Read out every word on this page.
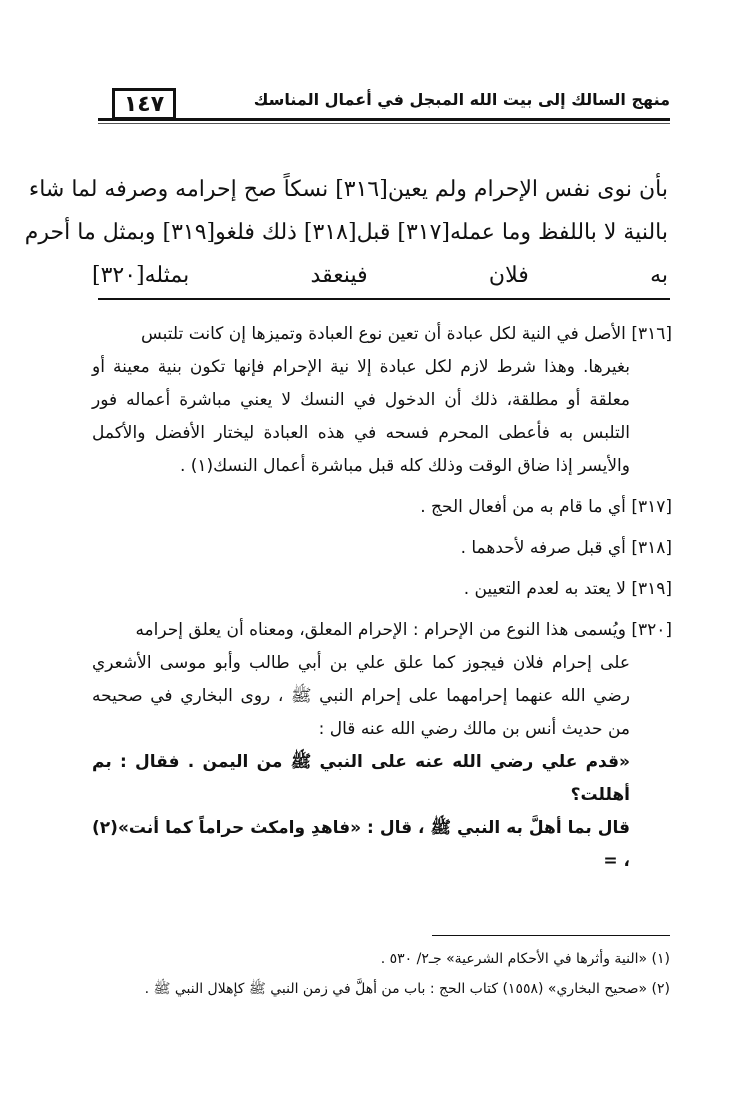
١٤٧	منهج السالك إلى بيت الله المبجل في أعمال المناسك
بأن نوى نفس الإحرام ولم يعين[٣١٦] نسكاً صح إحرامه وصرفه لما شاء
بالنية لا باللفظ وما عمله[٣١٧] قبل[٣١٨] ذلك فلغو[٣١٩] وبمثل ما أحرم
به فلان فينعقد بمثله[٣٢٠]

[٣١٦] الأصل في النية لكل عبادة أن تعين نوع العبادة وتميزها إن كانت تلتبس

بغيرها. وهذا شرط لازم لكل عبادة إلا نية الإحرام فإنها تكون بنية معينة أو معلقة أو مطلقة، ذلك أن الدخول في النسك لا يعني مباشرة أعماله فور التلبس به فأعطى المحرم فسحه في هذه العبادة ليختار الأفضل والأكمل والأيسر إذا ضاق الوقت وذلك كله قبل مباشرة أعمال النسك(١) .

[٣١٧] أي ما قام به من أفعال الحج .

[٣١٨] أي قبل صرفه لأحدهما .

[٣١٩] لا يعتد به لعدم التعيين .

[٣٢٠] ويُسمى هذا النوع من الإحرام : الإحرام المعلق، ومعناه أن يعلق إحرامه

على إحرام فلان فيجوز كما علق علي بن أبي طالب وأبو موسى الأشعري رضي الله عنهما إحرامهما على إحرام النبي ﷺ ، روى البخاري في صحيحه من حديث أنس بن مالك رضي الله عنه قال :

«قدم علي رضي الله عنه على النبي ﷺ من اليمن . فقال : بم أهللت؟

قال بما أهلَّ به النبي ﷺ ، قال : «فاهدِ وامكث حراماً كما أنت»(٢) ، =

(١) «النية وأثرها في الأحكام الشرعية» جـ٢/ ٥٣٠ .

(٢) «صحيح البخاري» (١٥٥٨) كتاب الحج : باب من أهلَّ في زمن النبي ﷺ كإهلال النبي ﷺ .
